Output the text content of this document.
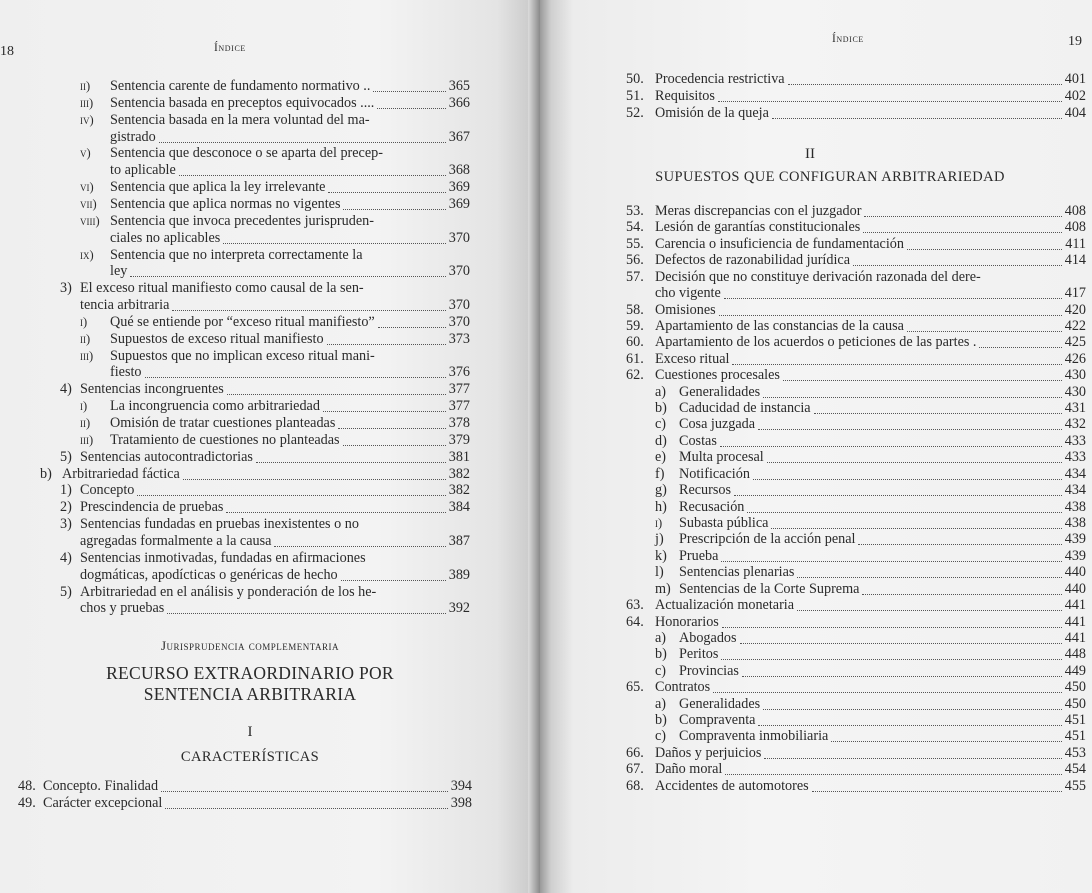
18	Índice
ii) Sentencia carente de fundamento normativo ..	365
iii) Sentencia basada en preceptos equivocados ....	366
iv) Sentencia basada en la mera voluntad del ma-
gistrado	367
v) Sentencia que desconoce o se aparta del precep-
to aplicable	368
vi) Sentencia que aplica la ley irrelevante	369
vii) Sentencia que aplica normas no vigentes	369
viii) Sentencia que invoca precedentes jurispruden-
ciales no aplicables	370
ix) Sentencia que no interpreta correctamente la
ley	370
3) El exceso ritual manifiesto como causal de la sen-
tencia arbitraria	370
i) Qué se entiende por “exceso ritual manifiesto”	370
ii) Supuestos de exceso ritual manifiesto	373
iii) Supuestos que no implican exceso ritual mani-
fiesto	376
4) Sentencias incongruentes	377
i) La incongruencia como arbitrariedad	377
ii) Omisión de tratar cuestiones planteadas	378
iii) Tratamiento de cuestiones no planteadas	379
5) Sentencias autocontradictorias	381
b) Arbitrariedad fáctica	382
1) Concepto	382
2) Prescindencia de pruebas	384
3) Sentencias fundadas en pruebas inexistentes o no
agregadas formalmente a la causa	387
4) Sentencias inmotivadas, fundadas en afirmaciones
dogmáticas, apodícticas o genéricas de hecho	389
5) Arbitrariedad en el análisis y ponderación de los he-
chos y pruebas	392
Jurisprudencia complementaria
RECURSO EXTRAORDINARIO POR
SENTENCIA ARBITRARIA
I
CARACTERÍSTICAS
48. Concepto. Finalidad	394
49. Carácter excepcional	398
Índice	19
50. Procedencia restrictiva	401
51. Requisitos	402
52. Omisión de la queja	404
II
SUPUESTOS QUE CONFIGURAN ARBITRARIEDAD
53. Meras discrepancias con el juzgador	408
54. Lesión de garantías constitucionales	408
55. Carencia o insuficiencia de fundamentación	411
56. Defectos de razonabilidad jurídica	414
57. Decisión que no constituye derivación razonada del dere-
cho vigente	417
58. Omisiones	420
59. Apartamiento de las constancias de la causa	422
60. Apartamiento de los acuerdos o peticiones de las partes .	425
61. Exceso ritual	426
62. Cuestiones procesales	430
a) Generalidades	430
b) Caducidad de instancia	431
c) Cosa juzgada	432
d) Costas	433
e) Multa procesal	433
f) Notificación	434
g) Recursos	434
h) Recusación	438
i) Subasta pública	438
j) Prescripción de la acción penal	439
k) Prueba	439
l) Sentencias plenarias	440
m) Sentencias de la Corte Suprema	440
63. Actualización monetaria	441
64. Honorarios	441
a) Abogados	441
b) Peritos	448
c) Provincias	449
65. Contratos	450
a) Generalidades	450
b) Compraventa	451
c) Compraventa inmobiliaria	451
66. Daños y perjuicios	453
67. Daño moral	454
68. Accidentes de automotores	455
